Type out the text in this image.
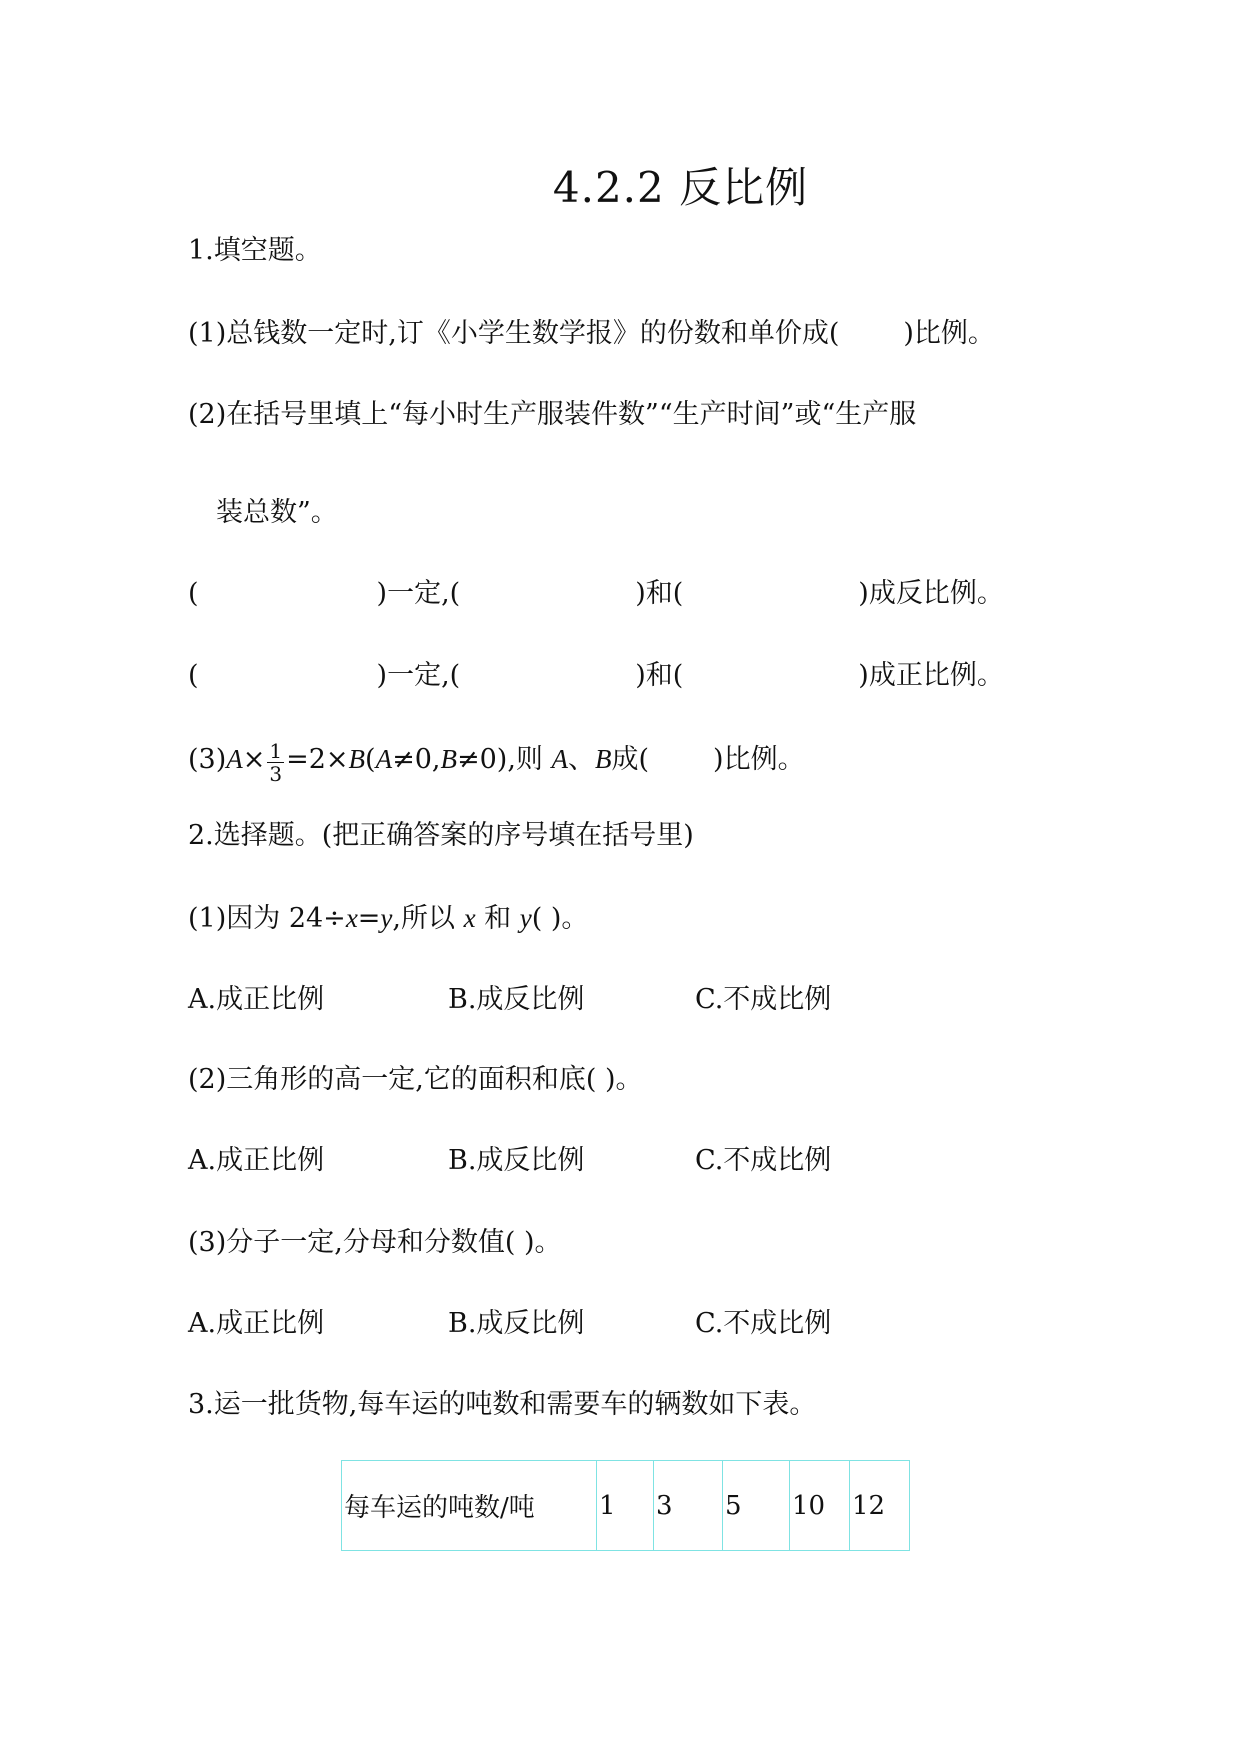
4.2.2 反比例
1.填空题。
(1)总钱数一定时,订《小学生数学报》的份数和单价成( )比例。
(2)在括号里填上“每小时生产服装件数”“生产时间”或“生产服
装总数”。
(	)一定,(	)和(	)成反比例。
(	)一定,(	)和(	)成正比例。
$(3)A\times \frac{1}{3} =2\times B(A\ne 0,B\ne 0)$,则 A、B成( )比例。
2.选择题。(把正确答案的序号填在括号里)
(1)因为 24÷x=y,所以 x 和 y( )。
A.成正比例	B.成反比例	C.不成比例
(2)三角形的高一定,它的面积和底( )。
A.成正比例	B.成反比例	C.不成比例
(3)分子一定,分母和分数值( )。
A.成正比例	B.成反比例	C.不成比例
3.运一批货物,每车运的吨数和需要车的辆数如下表。
每车运的吨数/吨	1	3	5	10	12
